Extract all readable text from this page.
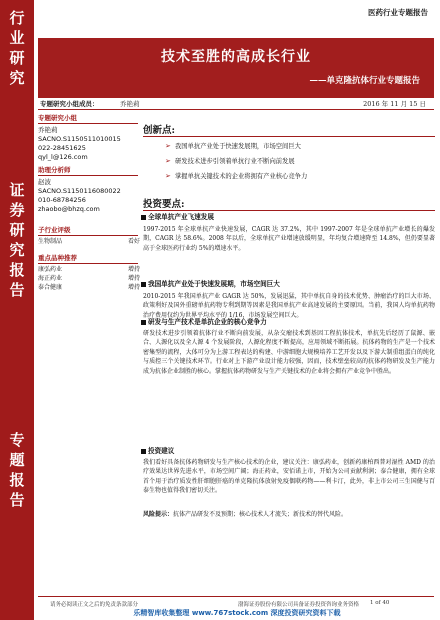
行业研究
证券研究报告
专题报告
医药行业专题报告
技术至胜的高成长行业
——单克隆抗体行业专题报告
专题研究小组成员：	乔艳莉	2016 年 11 月 15 日
专题研究小组
乔艳莉
SACNO.S1150511010015
022-28451625
qyl_l@126.com
助理分析师
赵波
SACNO.S1150116080022
010-68784256
zhaobo@bhzq.com
子行业评级
生物制品	看好
重点品种推荐
康弘药业	增持
海正药业	增持
泰合健康	增持
创新点:
➢ 我国单抗产业处于快速发展期，市场空间巨大
➢ 研发技术进步引领着单抗行业不断向前发展
➢ 掌握单抗关键技术的企业将拥有产业核心竞争力
投资要点:
全球单抗产业飞速发展
1997-2015 年全球单抗产业快速发展，CAGR 达 37.2%，其中 1997-2007 年是全球单抗产业增长的爆发期，CAGR 达 58.6%。2008 年以后，全球单抗产业增速放缓明显，年均复合增速降至 14.8%，但仍要显著高于全球医药行业约 5%的增速水平。
我国单抗产业处于快速发展期，市场空间巨大
2010-2015 年我国单抗产业 GAGR 达 50%，发展迅猛，其中单抗自身的技术优势、肿瘤治疗的巨大市场、政策利好及国外重磅单抗药物专利到期等因素是我国单抗产业高速发展的主要原因。当前，我国人均单抗药物治疗费用仅约为世界平均水平的 1/16，市场发展空间巨大。
研发与生产技术是单抗企业的核心竞争力
研发技术进步引领着抗体行业不断向前发展，从杂交瘤技术到基因工程抗体技术，单抗先后经历了鼠源、嵌合、人源化以及全人源 4 个发展阶段，人源化程度不断提高，应用领域不断拓展。抗体药物的生产是一个技术密集型的流程，大体可分为上游工程表达的构建、中游细胞大规模培养工艺开发以及下游大制重组蛋白的纯化与质控三个关键技术环节。行业对上下游产业设计能力较强，因而，技术壁垒较高的抗体药物研发及生产能力成为抗体企业制胜的核心。掌握抗体药物研发与生产关键技术的企业将会拥有产业竞争中胜出。
投资建议
我们看好具备抗体药物研发与生产核心技术的企业，建议关注：康弘药业，创新药康柏西普对湿性 AMD 的治疗效果达世界先进水平，市场空间广阔；海正药业，安佰诺上市，开始为公司贡献利润；泰合健康，拥有全球首个用于治疗质发性肝细胞肝癌的单克隆抗体放射免疫偶联药物——利卡汀，此外，非上市公司三生国健与百泰生物也值得我们密切关注。
风险提示：抗体产品研发不及预期；核心技术人才流失；新技术的替代风险。
请务必阅读正文之后的免责条款部分	渤海证券股份有限公司具备证券投资咨询业务资格 1 of 40
乐精智库收集整理 www.767stock.com 深度投资研究资料下载
